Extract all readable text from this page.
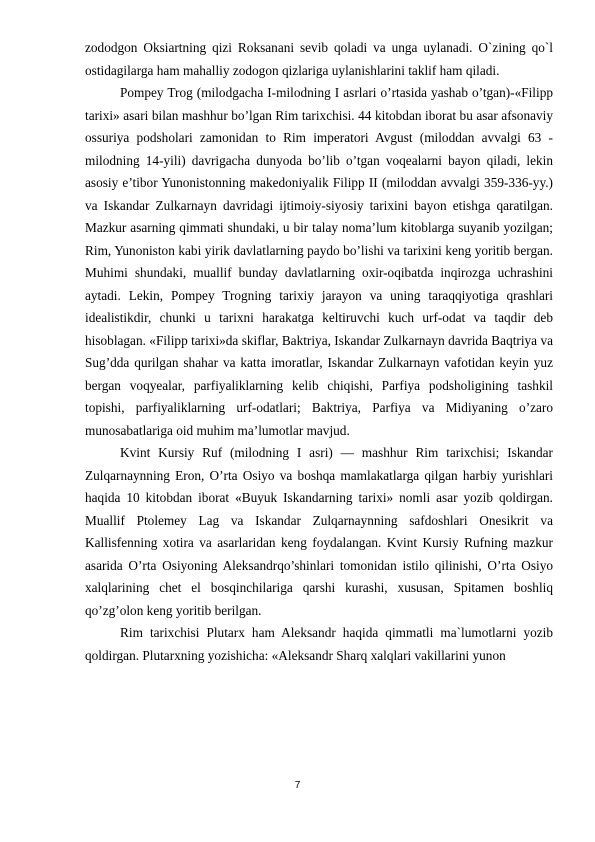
zododgon Oksiartning qizi Roksanani sevib qoladi va unga uylanadi. O`zining qo`l ostidagilarga ham mahalliy zodogon qizlariga uylanishlarini taklif ham qiladi.

Pompey Trog (milodgacha I-milodning I asrlari o’rtasida yashab o’tgan)-«Filipp tarixi» asari bilan mashhur bo’lgan Rim tarixchisi. 44 kitobdan iborat bu asar afsonaviy ossuriya podsholari zamonidan to Rim imperatori Avgust (miloddan avvalgi 63 -milodning 14-yili) davrigacha dunyoda bo’lib o’tgan voqealarni bayon qiladi, lekin asosiy e’tibor Yunonistonning makedoniyalik Filipp II (miloddan avvalgi 359-336-yy.) va Iskandar Zulkarnayn davridagi ijtimoiy-siyosiy tarixini bayon etishga qaratilgan. Mazkur asarning qimmati shundaki, u bir talay noma’lum kitoblarga suyanib yozilgan; Rim, Yunoniston kabi yirik davlatlarning paydo bo’lishi va tarixini keng yoritib bergan. Muhimi shundaki, muallif bunday davlatlarning oxir-oqibatda inqirozga uchrashini aytadi. Lekin, Pompey Trogning tarixiy jarayon va uning taraqqiyotiga qrashlari idealistikdir, chunki u tarixni harakatga keltiruvchi kuch urf-odat va taqdir deb hisoblagan. «Filipp tarixi»da skiflar, Baktriya, Iskandar Zulkarnayn davrida Baqtriya va Sug’dda qurilgan shahar va katta imoratlar, Iskandar Zulkarnayn vafotidan keyin yuz bergan voqyealar, parfiyaliklarning kelib chiqishi, Parfiya podsholigining tashkil topishi, parfiyaliklarning urf-odatlari; Baktriya, Parfiya va Midiyaning o’zaro munosabatlariga oid muhim ma’lumotlar mavjud.

Kvint Kursiy Ruf (milodning I asri) — mashhur Rim tarixchisi; Iskandar Zulqarnaynning Eron, O’rta Osiyo va boshqa mamlakatlarga qilgan harbiy yurishlari haqida 10 kitobdan iborat «Buyuk Iskandarning tarixi» nomli asar yozib qoldirgan. Muallif Ptolemey Lag va Iskandar Zulqarnaynning safdoshlari Onesikrit va Kallisfenning xotira va asarlaridan keng foydalangan. Kvint Kursiy Rufning mazkur asarida O’rta Osiyoning Aleksandrqo’shinlari tomonidan istilo qilinishi, O’rta Osiyo xalqlarining chet el bosqinchilariga qarshi kurashi, xususan, Spitamen boshliq qo’zg’olon keng yoritib berilgan.

Rim tarixchisi Plutarx ham Aleksandr haqida qimmatli ma`lumotlarni yozib qoldirgan. Plutarxning yozishicha: «Aleksandr Sharq xalqlari vakillarini yunon

7
